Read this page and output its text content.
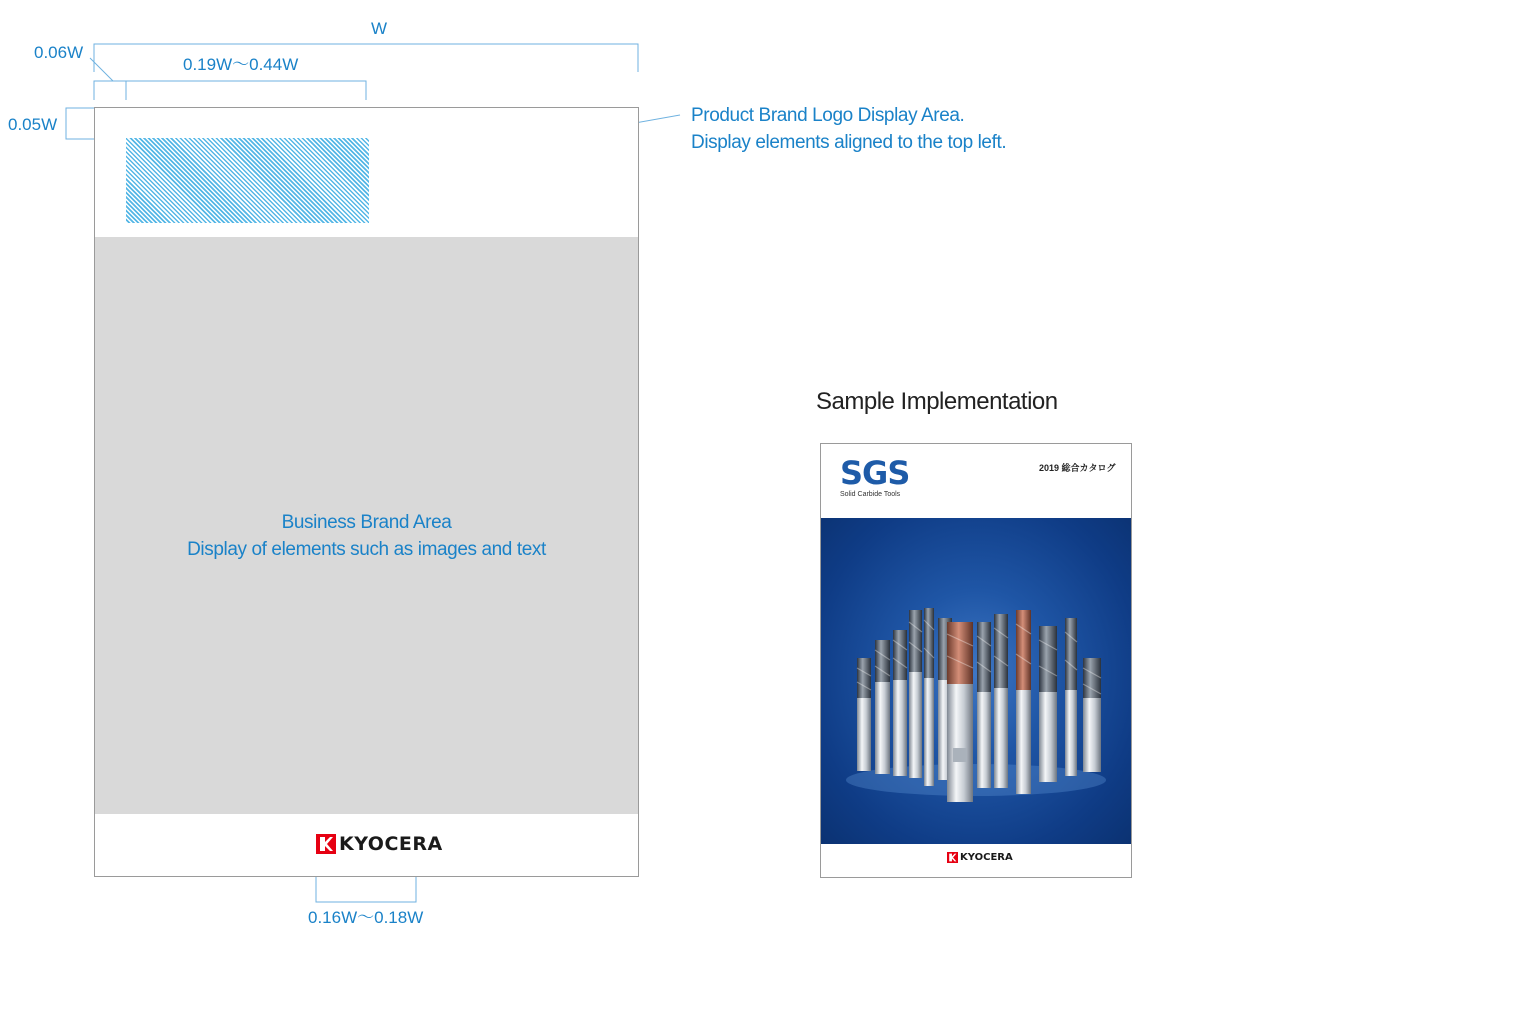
W
0.06W
0.19W〜0.44W
0.05W
0.16W〜0.18W
Product Brand Logo Display Area.
Display elements aligned to the top left.
Business Brand Area
Display of elements such as images and text
KYOCERA
Sample Implementation
SGS
Solid Carbide Tools
2019 総合カタログ
KYOCERA
